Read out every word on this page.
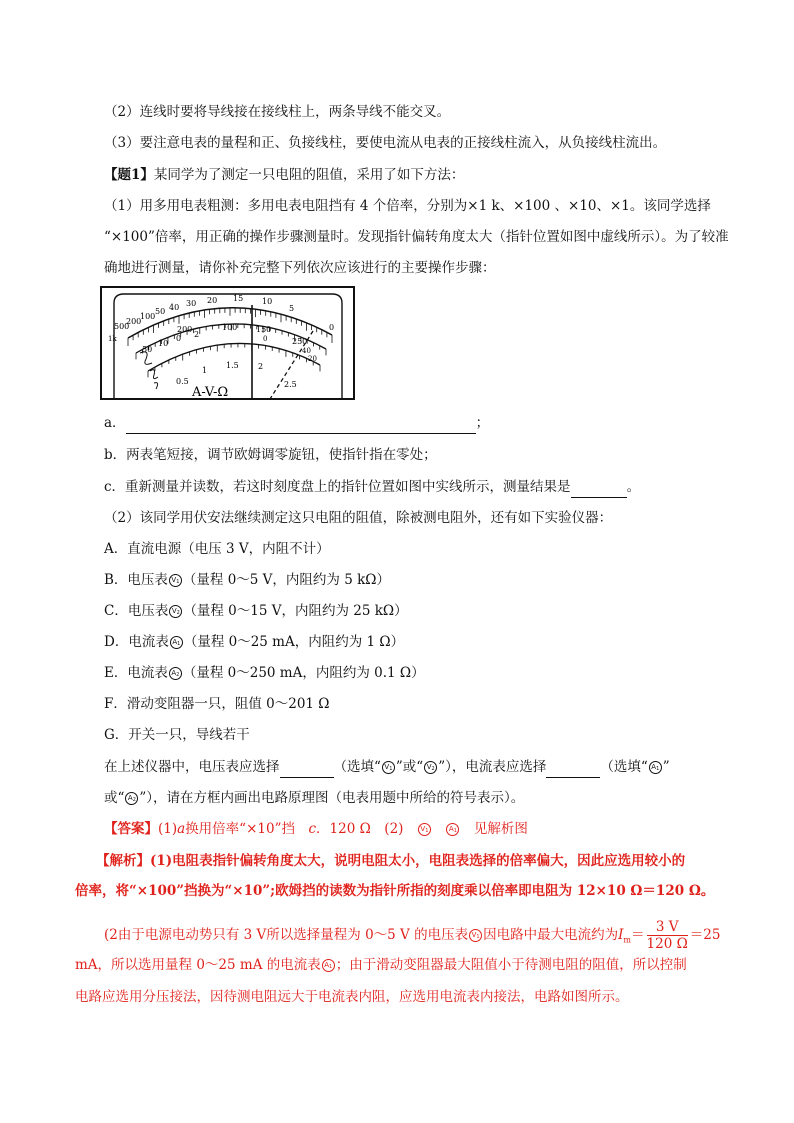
（2）连线时要将导线接在接线柱上，两条导线不能交叉。
（3）要注意电表的量程和正、负接线柱，要使电流从电表的正接线柱流入，从负接线柱流出。
【题1】某同学为了测定一只电阻的阻值，采用了如下方法：
（1）用多用电表粗测：多用电表电阻挡有 4 个倍率，分别为×1 k、×100 、×10、×1。该同学选择
“×100”倍率，用正确的操作步骤测量时。发现指针偏转角度太大（指针位置如图中虚线所示）。为了较准
确地进行测量，请你补充完整下列依次应该进行的主要操作步骤：
500
200
100
50 40 30 20 15 10
5
0
1k
50
10
0 2
200	100 150
250
0
40
20
0.5
1
1.5 2
2.5
A-V-Ω
a．	；
b．两表笔短接，调节欧姆调零旋钮，使指针指在零处；
c．重新测量并读数，若这时刻度盘上的指针位置如图中实线所示，测量结果是	。
（2）该同学用伏安法继续测定这只电阻的阻值，除被测电阻外，还有如下实验仪器：
A．直流电源（电压 3 V，内阻不计）
B．电压表 $V_1$ （量程 0～5 V，内阻约为 5 kΩ）
C．电压表 $V_2$ （量程 0～15 V，内阻约为 25 kΩ）
D．电流表 $A_1$ （量程 0～25 mA，内阻约为 1 Ω）
E．电流表 $A_2$ （量程 0～250 mA，内阻约为 0.1 Ω）
F．滑动变阻器一只，阻值 0～201 Ω
G．开关一只，导线若干
在上述仪器中，电压表应选择	（选填“ $V_1$ ”或“ $V_2$ ”），电流表应选择	（选填“ $A_1$ ”
或“ $A_2$ ”），请在方框内画出电路原理图（电表用题中所给的符号表示）。
【答案】(1)a换用倍率“×10”挡　 c．120 Ω　(2)　 $V_1$　	$A_1$　 见解析图
【解析】(1)电阻表指针偏转角度太大，说明电阻太小，电阻表选择的倍率偏大，因此应选用较小的
倍率，将“×100”挡换为“×10”;欧姆挡的读数为指针所指的刻度乘以倍率即电阻为 12×10 Ω＝120 Ω。
(2由于电源电动势只有 3 V所以选择量程为 0～5 V 的电压表 $V_1$ 因电路中最大电流约为$I_m= \frac{3 V}{120 \Omega} =25$
mA，所以选用量程 0～25 mA 的电流表 $A_1$ ；由于滑动变阻器最大阻值小于待测电阻的阻值，所以控制
电路应选用分压接法，因待测电阻远大于电流表内阻，应选用电流表内接法，电路如图所示。
